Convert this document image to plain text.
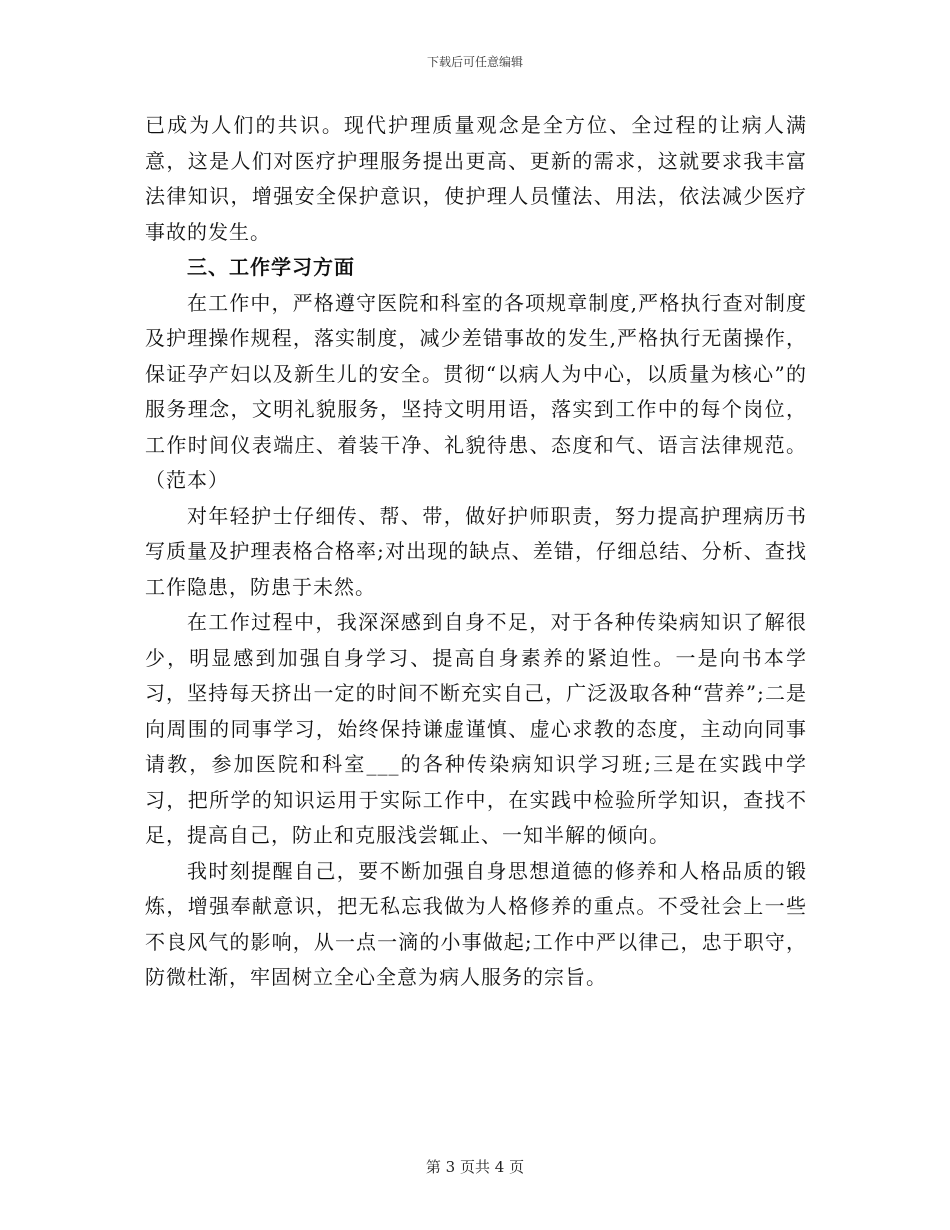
下载后可任意编辑

已成为人们的共识。现代护理质量观念是全方位、全过程的让病人满意，这是人们对医疗护理服务提出更高、更新的需求，这就要求我丰富法律知识，增强安全保护意识，使护理人员懂法、用法，依法减少医疗事故的发生。

三、工作学习方面

在工作中，严格遵守医院和科室的各项规章制度,严格执行查对制度及护理操作规程，落实制度，减少差错事故的发生,严格执行无菌操作，保证孕产妇以及新生儿的安全。贯彻“以病人为中心，以质量为核心”的服务理念，文明礼貌服务，坚持文明用语，落实到工作中的每个岗位，工作时间仪表端庄、着装干净、礼貌待患、态度和气、语言法律规范。（范本）

对年轻护士仔细传、帮、带，做好护师职责，努力提高护理病历书写质量及护理表格合格率;对出现的缺点、差错，仔细总结、分析、查找工作隐患，防患于未然。

在工作过程中，我深深感到自身不足，对于各种传染病知识了解很少，明显感到加强自身学习、提高自身素养的紧迫性。一是向书本学习，坚持每天挤出一定的时间不断充实自己，广泛汲取各种“营养”;二是向周围的同事学习，始终保持谦虚谨慎、虚心求教的态度，主动向同事请教，参加医院和科室___的各种传染病知识学习班;三是在实践中学习，把所学的知识运用于实际工作中，在实践中检验所学知识，查找不足，提高自己，防止和克服浅尝辄止、一知半解的倾向。

我时刻提醒自己，要不断加强自身思想道德的修养和人格品质的锻炼，增强奉献意识，把无私忘我做为人格修养的重点。不受社会上一些不良风气的影响，从一点一滴的小事做起;工作中严以律己，忠于职守，防微杜渐，牢固树立全心全意为病人服务的宗旨。

第 3 页共 4 页
